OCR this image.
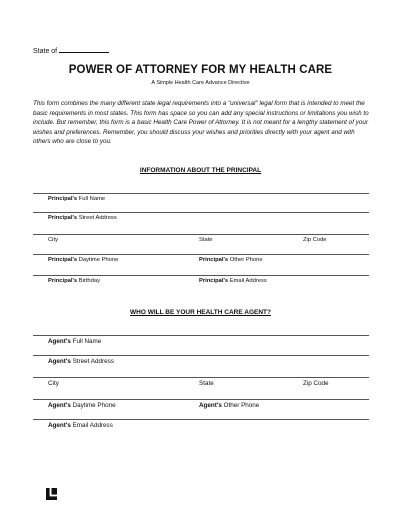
State of
POWER OF ATTORNEY FOR MY HEALTH CARE
A Simple Health Care Advance Directive
This form combines the many different state legal requirements into a "universal" legal form that is intended to meet the basic requirements in most states. This form has space so you can add any special instructions or limitations you wish to include. But remember, this form is a basic Health Care Power of Attorney. It is not meant for a lengthy statement of your wishes and preferences. Remember, you should discuss your wishes and priorities directly with your agent and with others who are close to you.
INFORMATION ABOUT THE PRINCIPAL
Principal's Full Name
Principal's Street Address
City	State	Zip Code
Principal's Daytime Phone	Principal's Other Phone
Principal's Birthday	Principal's Email Address
WHO WILL BE YOUR HEALTH CARE AGENT?
Agent's Full Name
Agent's Street Address
City	State	Zip Code
Agent's Daytime Phone	Agent's Other Phone
Agent's Email Address
